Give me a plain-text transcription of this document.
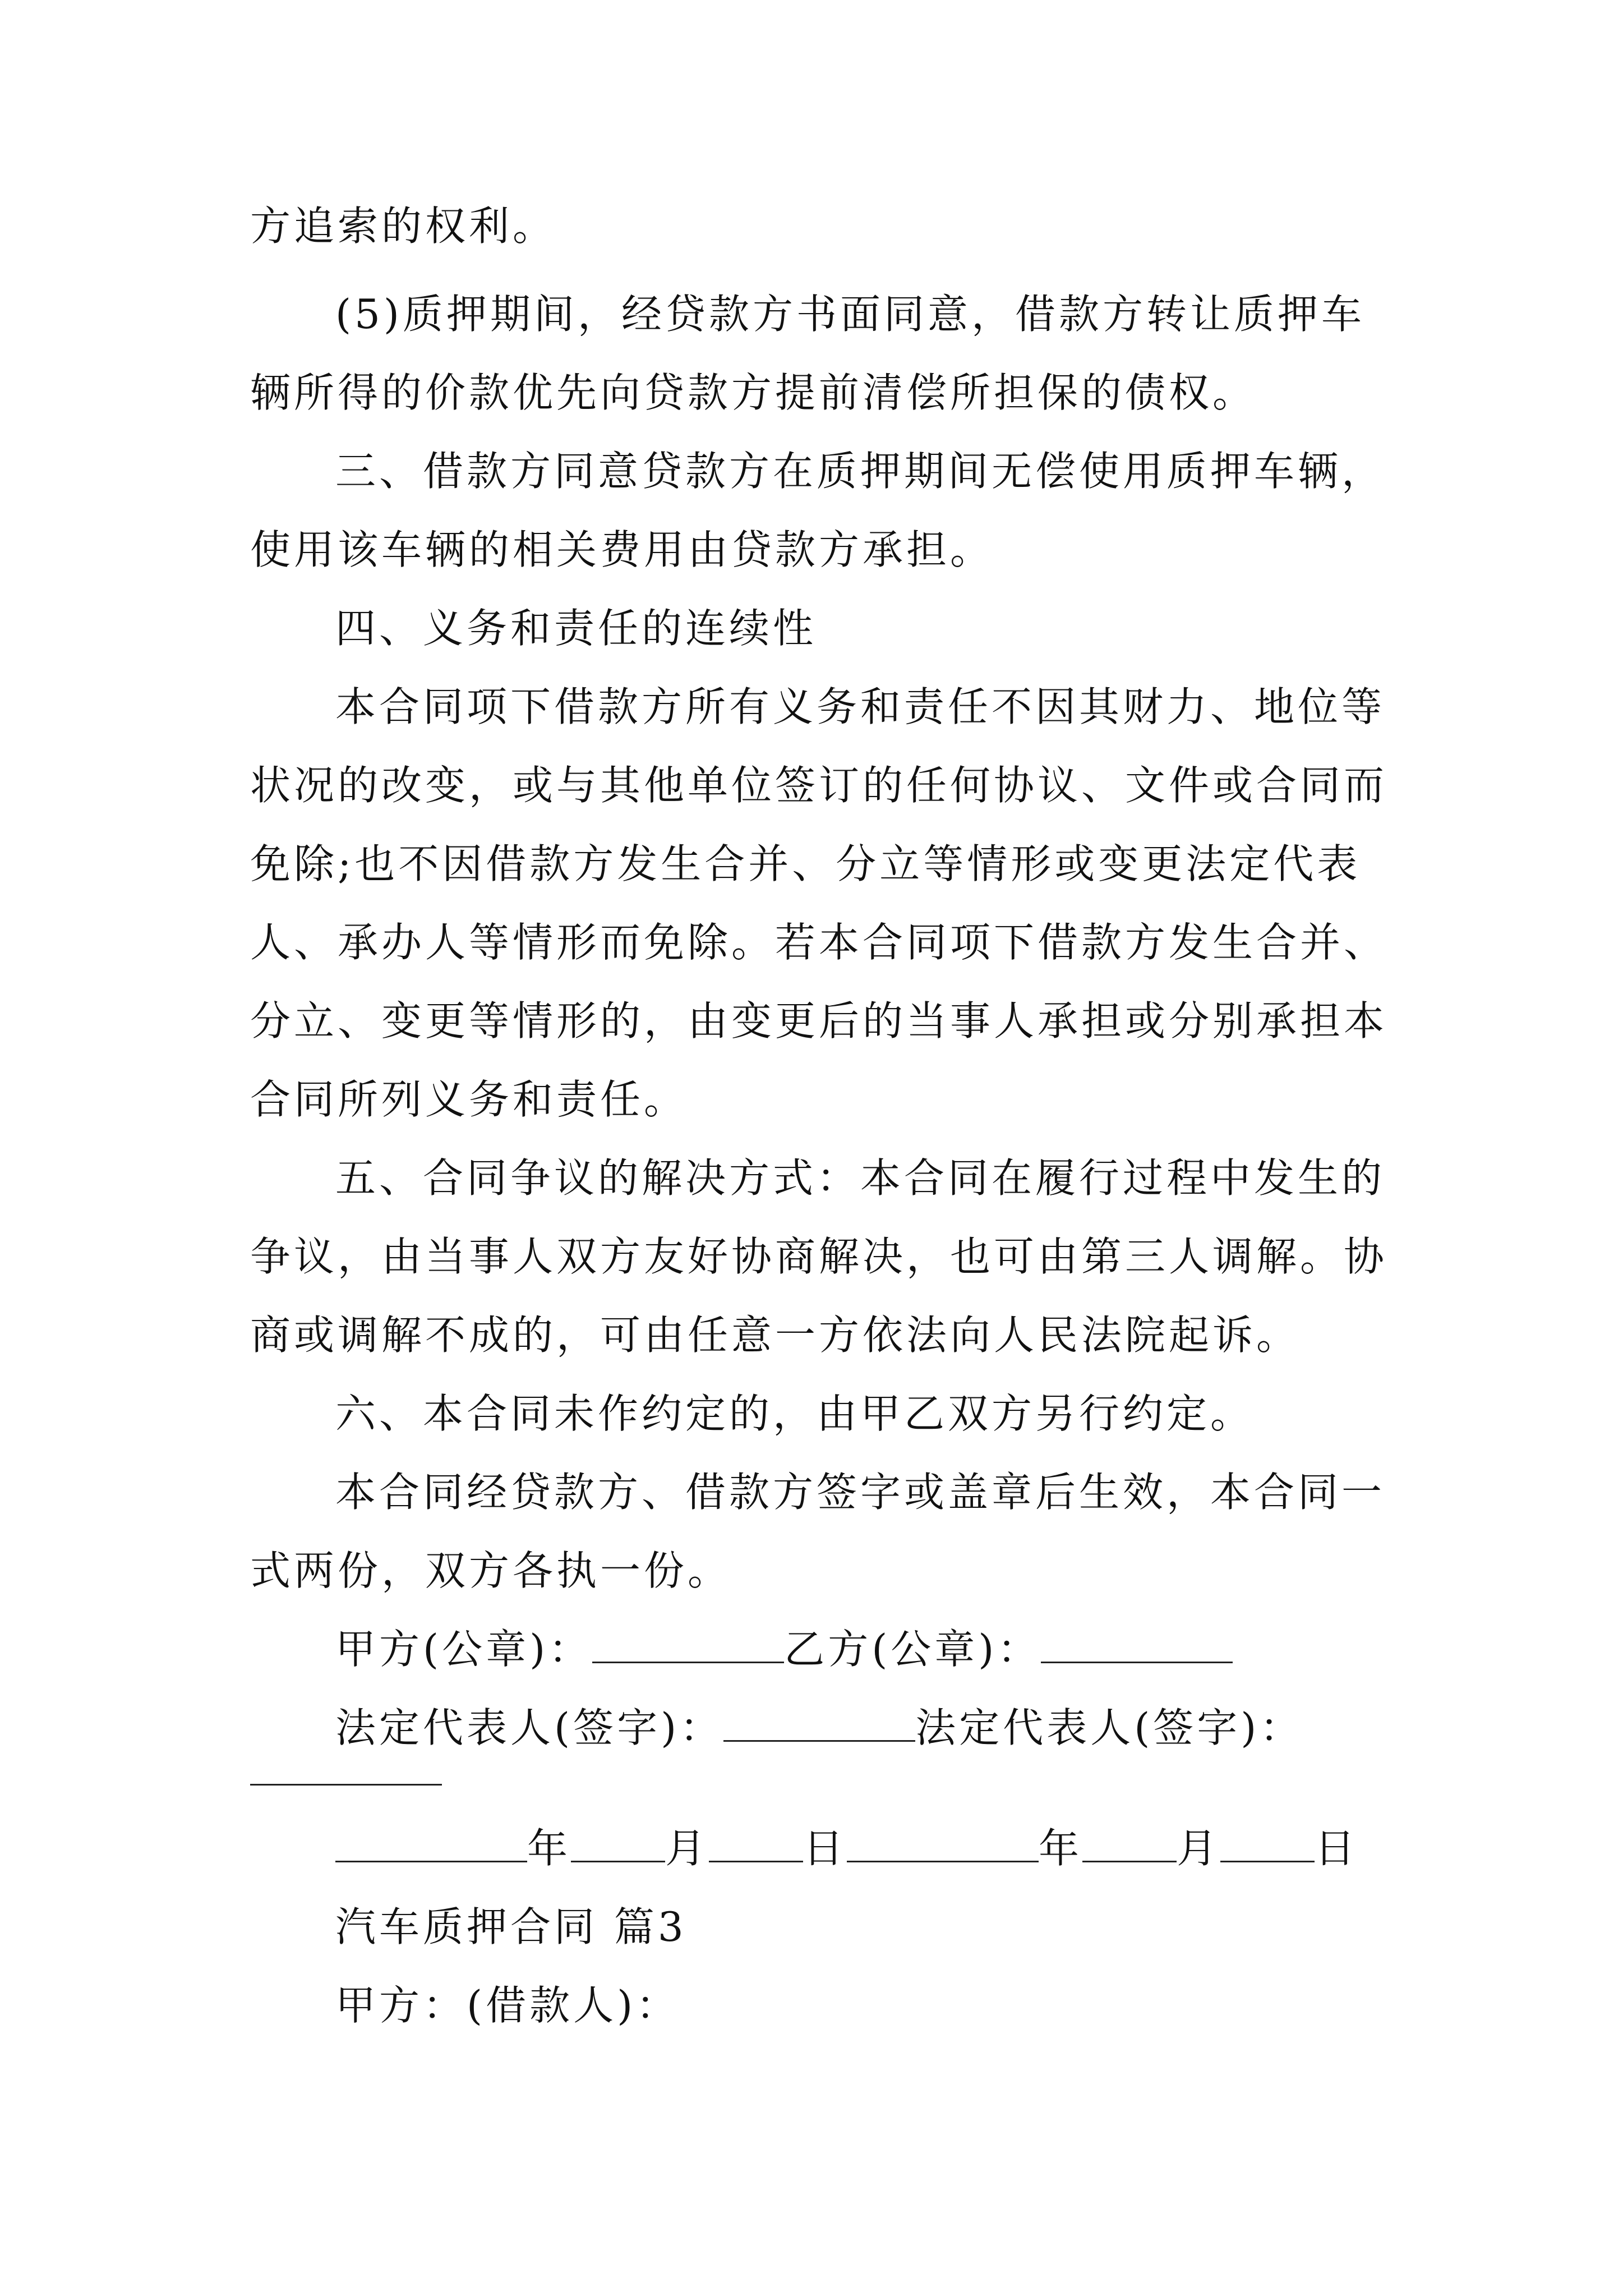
方追索的权利。
(5)质押期间，经贷款方书面同意，借款方转让质押车
辆所得的价款优先向贷款方提前清偿所担保的债权。
三、借款方同意贷款方在质押期间无偿使用质押车辆，
使用该车辆的相关费用由贷款方承担。
四、义务和责任的连续性
本合同项下借款方所有义务和责任不因其财力、地位等
状况的改变，或与其他单位签订的任何协议、文件或合同而
免除;也不因借款方发生合并、分立等情形或变更法定代表
人、承办人等情形而免除。若本合同项下借款方发生合并、
分立、变更等情形的，由变更后的当事人承担或分别承担本
合同所列义务和责任。
五、合同争议的解决方式：本合同在履行过程中发生的
争议，由当事人双方友好协商解决，也可由第三人调解。协
商或调解不成的，可由任意一方依法向人民法院起诉。
六、本合同未作约定的，由甲乙双方另行约定。
本合同经贷款方、借款方签字或盖章后生效，本合同一
式两份，双方各执一份。
甲方(公章)：	乙方(公章)：
法定代表人(签字)：	法定代表人(签字)：
年 月 日	年 月 日
汽车质押合同 篇3
甲方：(借款人)：
